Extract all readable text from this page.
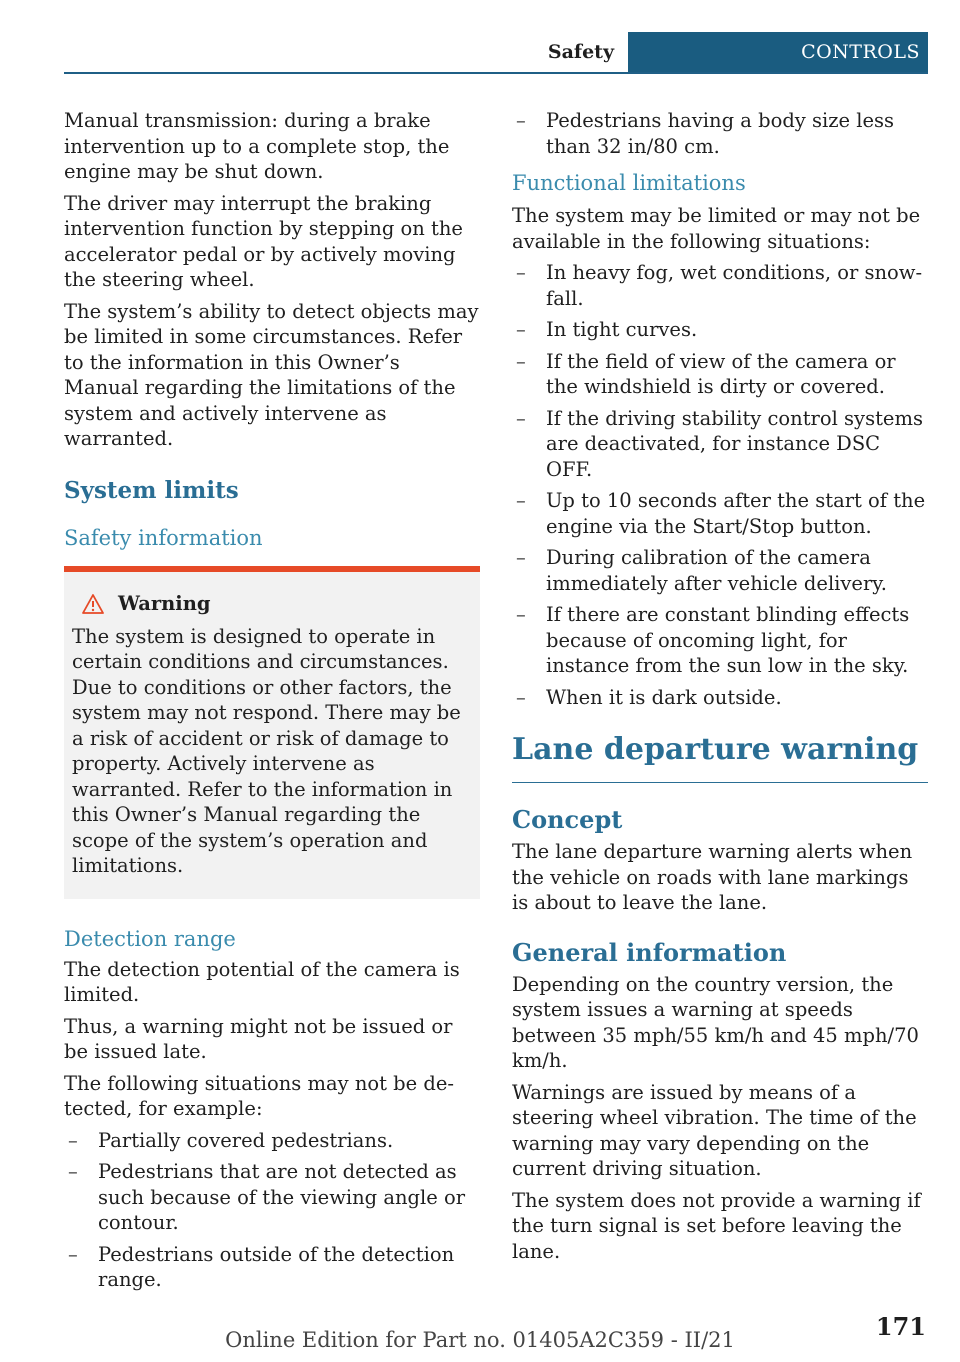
Safety	CONTROLS

Manual transmission: during a brake intervention up to a complete stop, the engine may be shut down.

The driver may interrupt the braking intervention function by stepping on the accelerator pedal or by actively moving the steering wheel.

The system’s ability to detect objects may be limited in some circumstances. Refer to the information in this Owner’s Manual regarding the limitations of the system and actively intervene as warranted.

System limits
Safety information
Warning

The system is designed to operate in certain conditions and circumstances. Due to conditions or other factors, the system may not respond. There may be a risk of accident or risk of damage to property. Actively intervene as warranted. Refer to the information in this Owner’s Manual regarding the scope of the system’s operation and limitations.

Detection range

The detection potential of the camera is limited.

Thus, a warning might not be issued or be issued late.

The following situations may not be detected, for example:

– Partially covered pedestrians.
– Pedestrians that are not detected as such because of the viewing angle or contour.
– Pedestrians outside of the detection range.
– Pedestrians having a body size less than 32 in/80 cm.
Functional limitations

The system may be limited or may not be available in the following situations:

– In heavy fog, wet conditions, or snowfall.
– In tight curves.
– If the field of view of the camera or the windshield is dirty or covered.
– If the driving stability control systems are deactivated, for instance DSC OFF.
– Up to 10 seconds after the start of the engine via the Start/Stop button.
– During calibration of the camera immediately after vehicle delivery.
– If there are constant blinding effects because of oncoming light, for instance from the sun low in the sky.
– When it is dark outside.
Lane departure warning
Concept

The lane departure warning alerts when the vehicle on roads with lane markings is about to leave the lane.

General information

Depending on the country version, the system issues a warning at speeds between 35 mph/55 km/h and 45 mph/70 km/h.

Warnings are issued by means of a steering wheel vibration. The time of the warning may vary depending on the current driving situation.

The system does not provide a warning if the turn signal is set before leaving the lane.

171
Online Edition for Part no. 01405A2C359 - II/21
